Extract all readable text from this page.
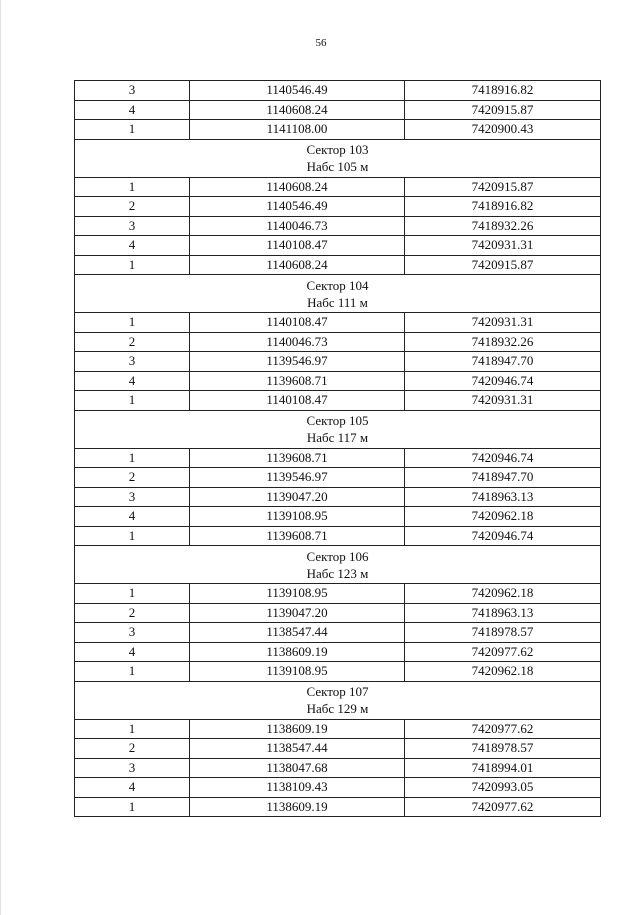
56
3	1140546.49	7418916.82
4	1140608.24	7420915.87
1	1141108.00	7420900.43

Сектор 103
Набс 105 м		

1	1140608.24	7420915.87
2	1140546.49	7418916.82
3	1140046.73	7418932.26
4	1140108.47	7420931.31
1	1140608.24	7420915.87

Сектор 104
Набс 111 м		

1	1140108.47	7420931.31
2	1140046.73	7418932.26
3	1139546.97	7418947.70
4	1139608.71	7420946.74
1	1140108.47	7420931.31

Сектор 105
Набс 117 м		

1	1139608.71	7420946.74
2	1139546.97	7418947.70
3	1139047.20	7418963.13
4	1139108.95	7420962.18
1	1139608.71	7420946.74

Сектор 106
Набс 123 м		

1	1139108.95	7420962.18
2	1139047.20	7418963.13
3	1138547.44	7418978.57
4	1138609.19	7420977.62
1	1139108.95	7420962.18

Сектор 107
Набс 129 м		

1	1138609.19	7420977.62
2	1138547.44	7418978.57
3	1138047.68	7418994.01
4	1138109.43	7420993.05
1	1138609.19	7420977.62
